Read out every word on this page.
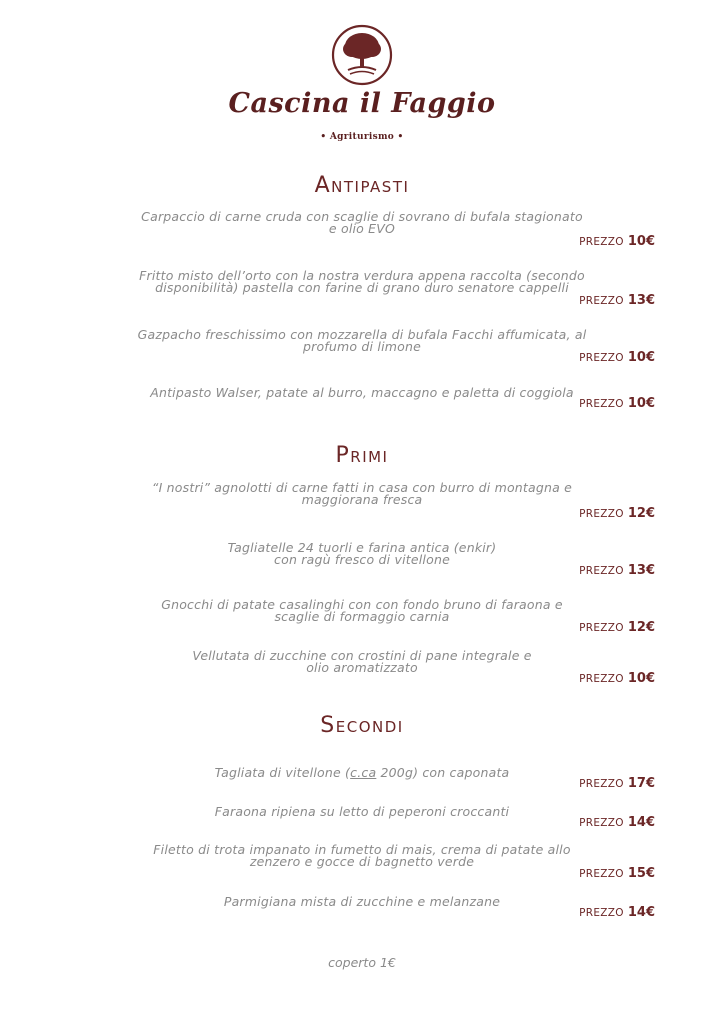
Cascina il Faggio
• Agriturismo •
Antipasti
Carpaccio di carne cruda con scaglie di sovrano di bufala stagionato
e olio EVO
PREZZO 10€
Fritto misto dell’orto con la nostra verdura appena raccolta (secondo
disponibilità) pastella con farine di grano duro senatore cappelli
PREZZO 13€
Gazpacho freschissimo con mozzarella di bufala Facchi affumicata, al
profumo di limone
PREZZO 10€
Antipasto Walser, patate al burro, maccagno e paletta di coggiola
PREZZO 10€
Primi
“I nostri” agnolotti di carne fatti in casa con burro di montagna e
maggiorana fresca
PREZZO 12€
Tagliatelle 24 tuorli e farina antica (enkir)
con ragù fresco di vitellone
PREZZO 13€
Gnocchi di patate casalinghi con con fondo bruno di faraona e
scaglie di formaggio carnia
PREZZO 12€
Vellutata di zucchine con crostini di pane integrale e
olio aromatizzato
PREZZO 10€
Secondi
Tagliata di vitellone (c.ca 200g) con caponata
PREZZO 17€
Faraona ripiena su letto di peperoni croccanti
PREZZO 14€
Filetto di trota impanato in fumetto di mais, crema di patate allo
zenzero e gocce di bagnetto verde
PREZZO 15€
Parmigiana mista di zucchine e melanzane
PREZZO 14€
coperto 1€
